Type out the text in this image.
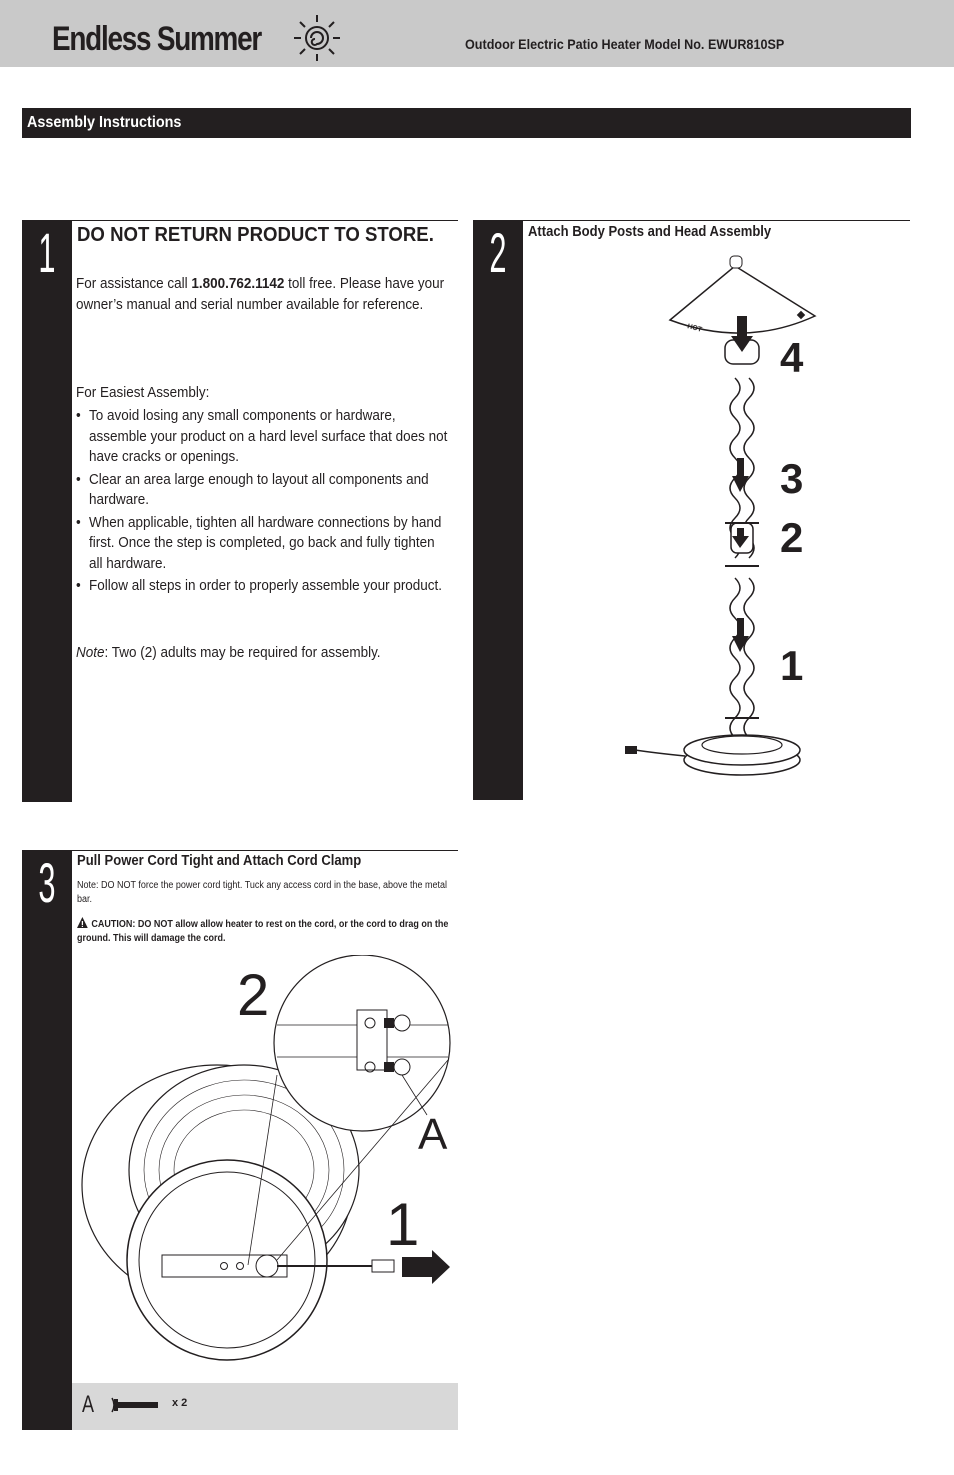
Endless Summer	Outdoor Electric Patio Heater Model No. EWUR810SP
Assembly Instructions
1 DO NOT RETURN PRODUCT TO STORE.
For assistance call 1.800.762.1142 toll free. Please have your owner’s manual and serial number available for reference.
For Easiest Assembly:
• To avoid losing any small components or hardware, assemble your product on a hard level surface that does not have cracks or openings.
• Clear an area large enough to layout all components and hardware.
• When applicable, tighten all hardware connections by hand first. Once the step is completed, go back and fully tighten all hardware.
• Follow all steps in order to properly assemble your product.
Note: Two (2) adults may be required for assembly.
2	Attach Body Posts and Head Assembly
HOT
4
3
2
1
3	Pull Power Cord Tight and Attach Cord Clamp
Note: DO NOT force the power cord tight. Tuck any access cord in the base, above the metal bar.
CAUTION: DO NOT allow allow heater to rest on the cord, or the cord to drag on the ground. This will damage the cord.
2
A
1
A	x 2
